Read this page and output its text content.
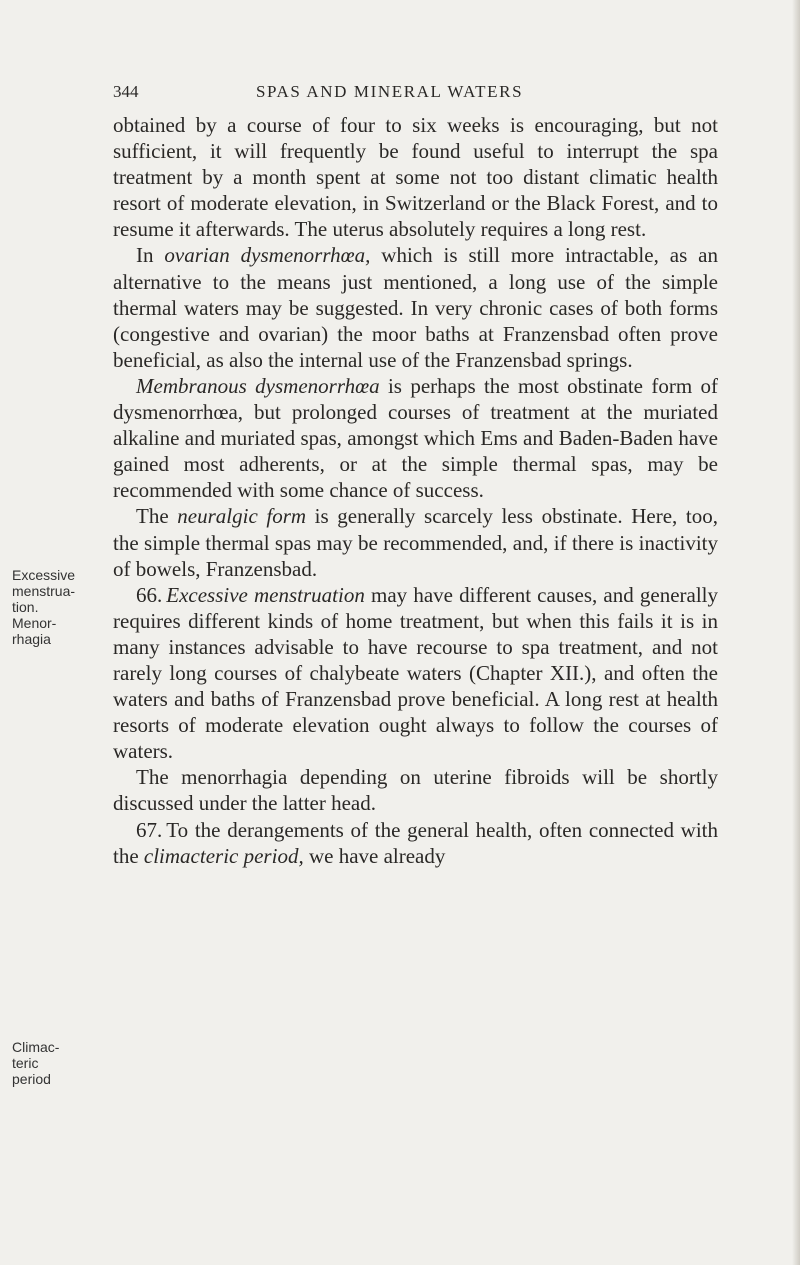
344	SPAS AND MINERAL WATERS

obtained by a course of four to six weeks is encouraging, but not sufficient, it will frequently be found useful to interrupt the spa treatment by a month spent at some not too distant climatic health resort of moderate elevation, in Switzerland or the Black Forest, and to resume it afterwards. The uterus absolutely requires a long rest.

In ovarian dysmenorrhœa, which is still more intractable, as an alternative to the means just mentioned, a long use of the simple thermal waters may be suggested. In very chronic cases of both forms (congestive and ovarian) the moor baths at Franzensbad often prove beneficial, as also the internal use of the Franzensbad springs.

Membranous dysmenorrhœa is perhaps the most obstinate form of dysmenorrhœa, but prolonged courses of treatment at the muriated alkaline and muriated spas, amongst which Ems and Baden-Baden have gained most adherents, or at the simple thermal spas, may be recommended with some chance of success.

The neuralgic form is generally scarcely less obstinate. Here, too, the simple thermal spas may be recommended, and, if there is inactivity of bowels, Franzensbad.

66. Excessive menstruation may have different causes, and generally requires different kinds of home treatment, but when this fails it is in many instances advisable to have recourse to spa treatment, and not rarely long courses of chalybeate waters (Chapter XII.), and often the waters and baths of Franzensbad prove beneficial. A long rest at health resorts of moderate elevation ought always to follow the courses of waters.

The menorrhagia depending on uterine fibroids will be shortly discussed under the latter head.

67. To the derangements of the general health, often connected with the climacteric period, we have already

Excessive
menstrua-
tion.
Menor-
rhagia
Climac-
teric
period
